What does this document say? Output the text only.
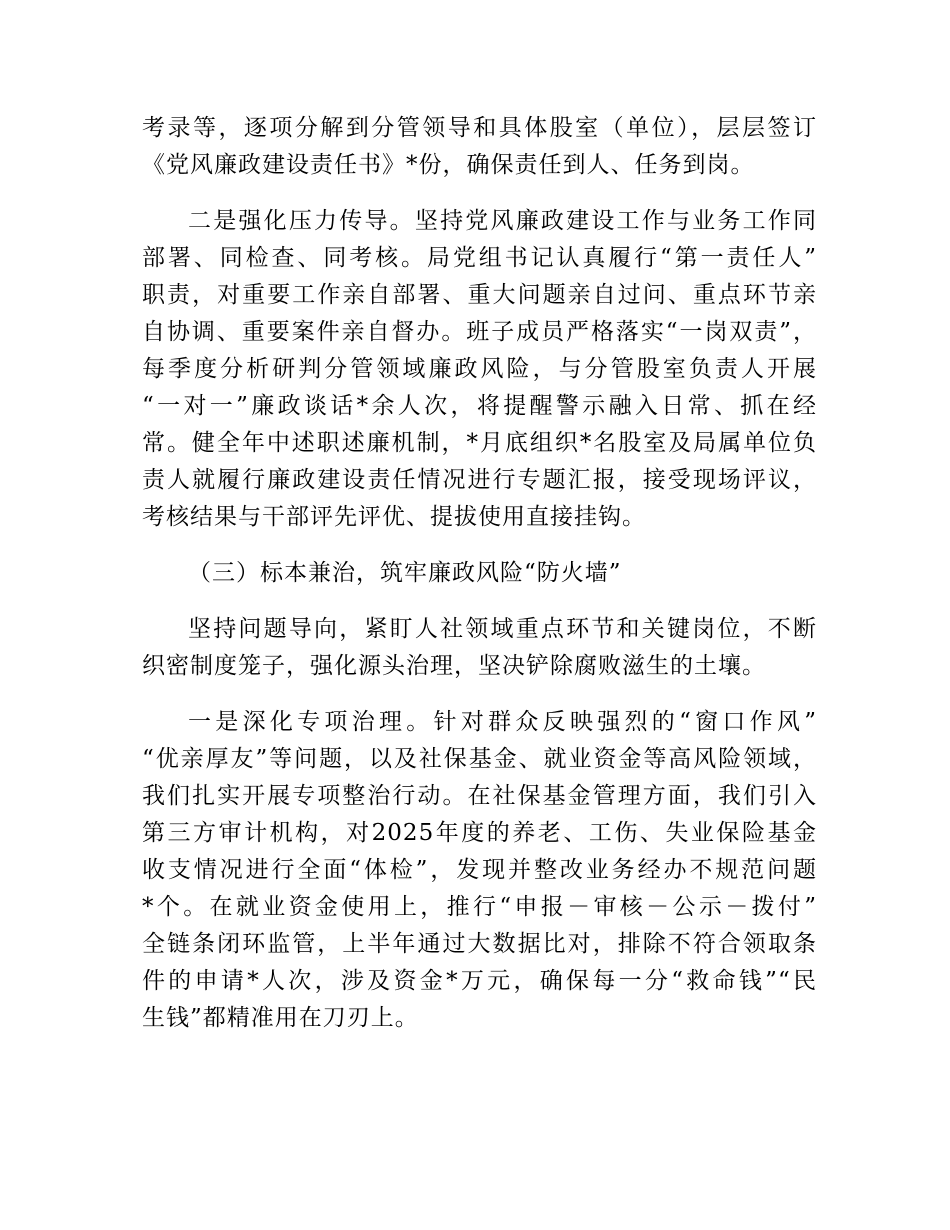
考录等，逐项分解到分管领导和具体股室（单位），层层签订
《党风廉政建设责任书》*份，确保责任到人、任务到岗。
二是强化压力传导。坚持党风廉政建设工作与业务工作同
部署、同检查、同考核。局党组书记认真履行“第一责任人”
职责，对重要工作亲自部署、重大问题亲自过问、重点环节亲
自协调、重要案件亲自督办。班子成员严格落实“一岗双责”，
每季度分析研判分管领域廉政风险，与分管股室负责人开展
“一对一”廉政谈话*余人次，将提醒警示融入日常、抓在经
常。健全年中述职述廉机制，*月底组织*名股室及局属单位负
责人就履行廉政建设责任情况进行专题汇报，接受现场评议，
考核结果与干部评先评优、提拔使用直接挂钩。
（三）标本兼治，筑牢廉政风险“防火墙”
坚持问题导向，紧盯人社领域重点环节和关键岗位，不断
织密制度笼子，强化源头治理，坚决铲除腐败滋生的土壤。
一是深化专项治理。针对群众反映强烈的“窗口作风”
“优亲厚友”等问题，以及社保基金、就业资金等高风险领域，
我们扎实开展专项整治行动。在社保基金管理方面，我们引入
第三方审计机构，对2025年度的养老、工伤、失业保险基金
收支情况进行全面“体检”，发现并整改业务经办不规范问题
*个。在就业资金使用上，推行“申报－审核－公示－拨付”
全链条闭环监管，上半年通过大数据比对，排除不符合领取条
件的申请*人次，涉及资金*万元，确保每一分“救命钱”“民
生钱”都精准用在刀刃上。
